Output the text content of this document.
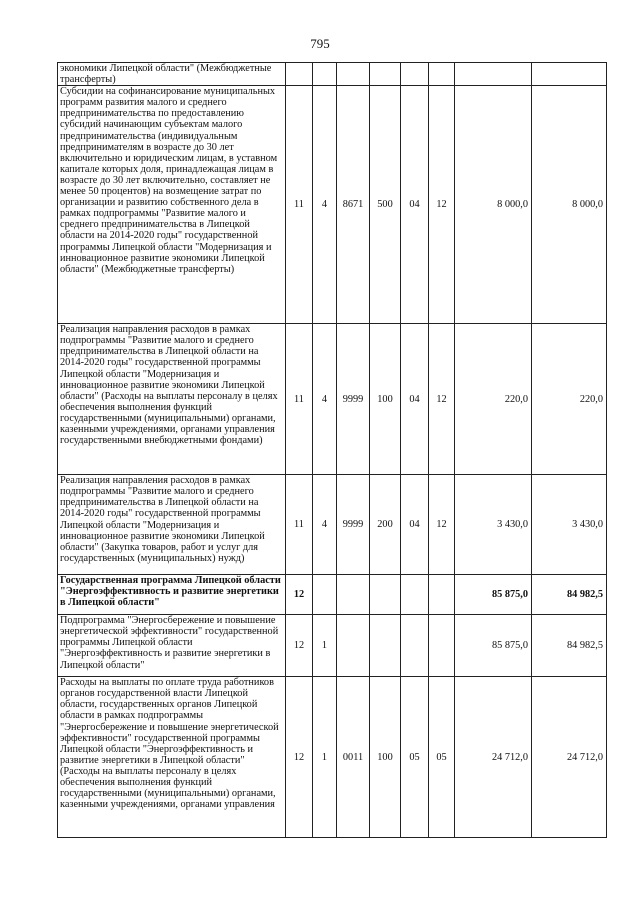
795
экономики Липецкой области" (Межбюджетные трансферты)								
Субсидии на софинансирование муниципальных программ развития малого и среднего предпринимательства по предоставлению субсидий начинающим субъектам малого предпринимательства (индивидуальным предпринимателям в возрасте до 30 лет включительно и юридическим лицам, в уставном капитале которых доля, принадлежащая лицам в возрасте до 30 лет включительно, составляет не менее 50 процентов) на возмещение затрат по организации и развитию собственного дела в рамках подпрограммы "Развитие малого и среднего предпринимательства в Липецкой области на 2014-2020 годы" государственной программы Липецкой области "Модернизация и инновационное развитие экономики Липецкой области" (Межбюджетные трансферты)	11	4	8671	500	04	12	8 000,0	8 000,0
Реализация направления расходов в рамках подпрограммы "Развитие малого и среднего предпринимательства в Липецкой области на 2014-2020 годы" государственной программы Липецкой области "Модернизация и инновационное развитие экономики Липецкой области" (Расходы на выплаты персоналу в целях обеспечения выполнения функций государственными (муниципальными) органами, казенными учреждениями, органами управления государственными внебюджетными фондами)	11	4	9999	100	04	12	220,0	220,0
Реализация направления расходов в рамках подпрограммы "Развитие малого и среднего предпринимательства в Липецкой области на 2014-2020 годы" государственной программы Липецкой области "Модернизация и инновационное развитие экономики Липецкой области" (Закупка товаров, работ и услуг для государственных (муниципальных) нужд)	11	4	9999	200	04	12	3 430,0	3 430,0
Государственная программа Липецкой области "Энергоэффективность и развитие энергетики в Липецкой области"	12						85 875,0	84 982,5
Подпрограмма "Энергосбережение и повышение энергетической эффективности" государственной программы Липецкой области "Энергоэффективность и развитие энергетики в Липецкой области"	12	1					85 875,0	84 982,5
Расходы на выплаты по оплате труда работников органов государственной власти Липецкой области, государственных органов Липецкой области в рамках подпрограммы "Энергосбережение и повышение энергетической эффективности" государственной программы Липецкой области "Энергоэффективность и развитие энергетики в Липецкой области" (Расходы на выплаты персоналу в целях обеспечения выполнения функций государственными (муниципальными) органами, казенными учреждениями, органами управления	12	1	0011	100	05	05	24 712,0	24 712,0
